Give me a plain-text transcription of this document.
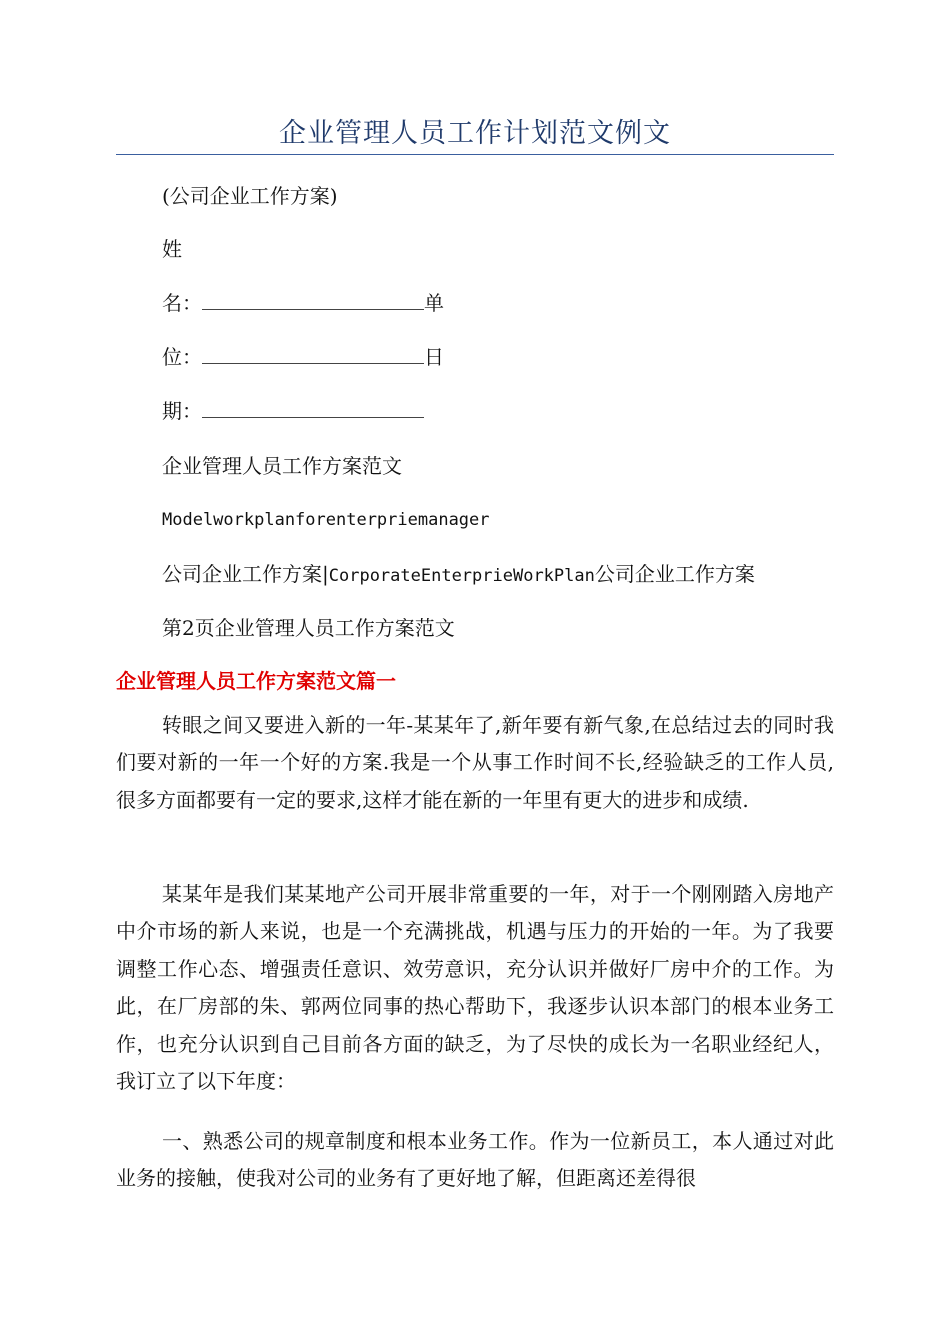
企业管理人员工作计划范文例文
(公司企业工作方案)
姓
名：	单
位：	日
期：
企业管理人员工作方案范文
Modelworkplanforenterpriemanager
公司企业工作方案|CorporateEnterprieWorkPlan公司企业工作方案
第2页企业管理人员工作方案范文
企业管理人员工作方案范文篇一
转眼之间又要进入新的一年-某某年了,新年要有新气象,在总结过去的同时我们要对新的一年一个好的方案.我是一个从事工作时间不长,经验缺乏的工作人员,很多方面都要有一定的要求,这样才能在新的一年里有更大的进步和成绩.
某某年是我们某某地产公司开展非常重要的一年，对于一个刚刚踏入房地产中介市场的新人来说，也是一个充满挑战，机遇与压力的开始的一年。为了我要调整工作心态、增强责任意识、效劳意识，充分认识并做好厂房中介的工作。为此，在厂房部的朱、郭两位同事的热心帮助下，我逐步认识本部门的根本业务工作，也充分认识到自己目前各方面的缺乏，为了尽快的成长为一名职业经纪人，我订立了以下年度：
一、熟悉公司的规章制度和根本业务工作。作为一位新员工，本人通过对此业务的接触，使我对公司的业务有了更好地了解，但距离还差得很
